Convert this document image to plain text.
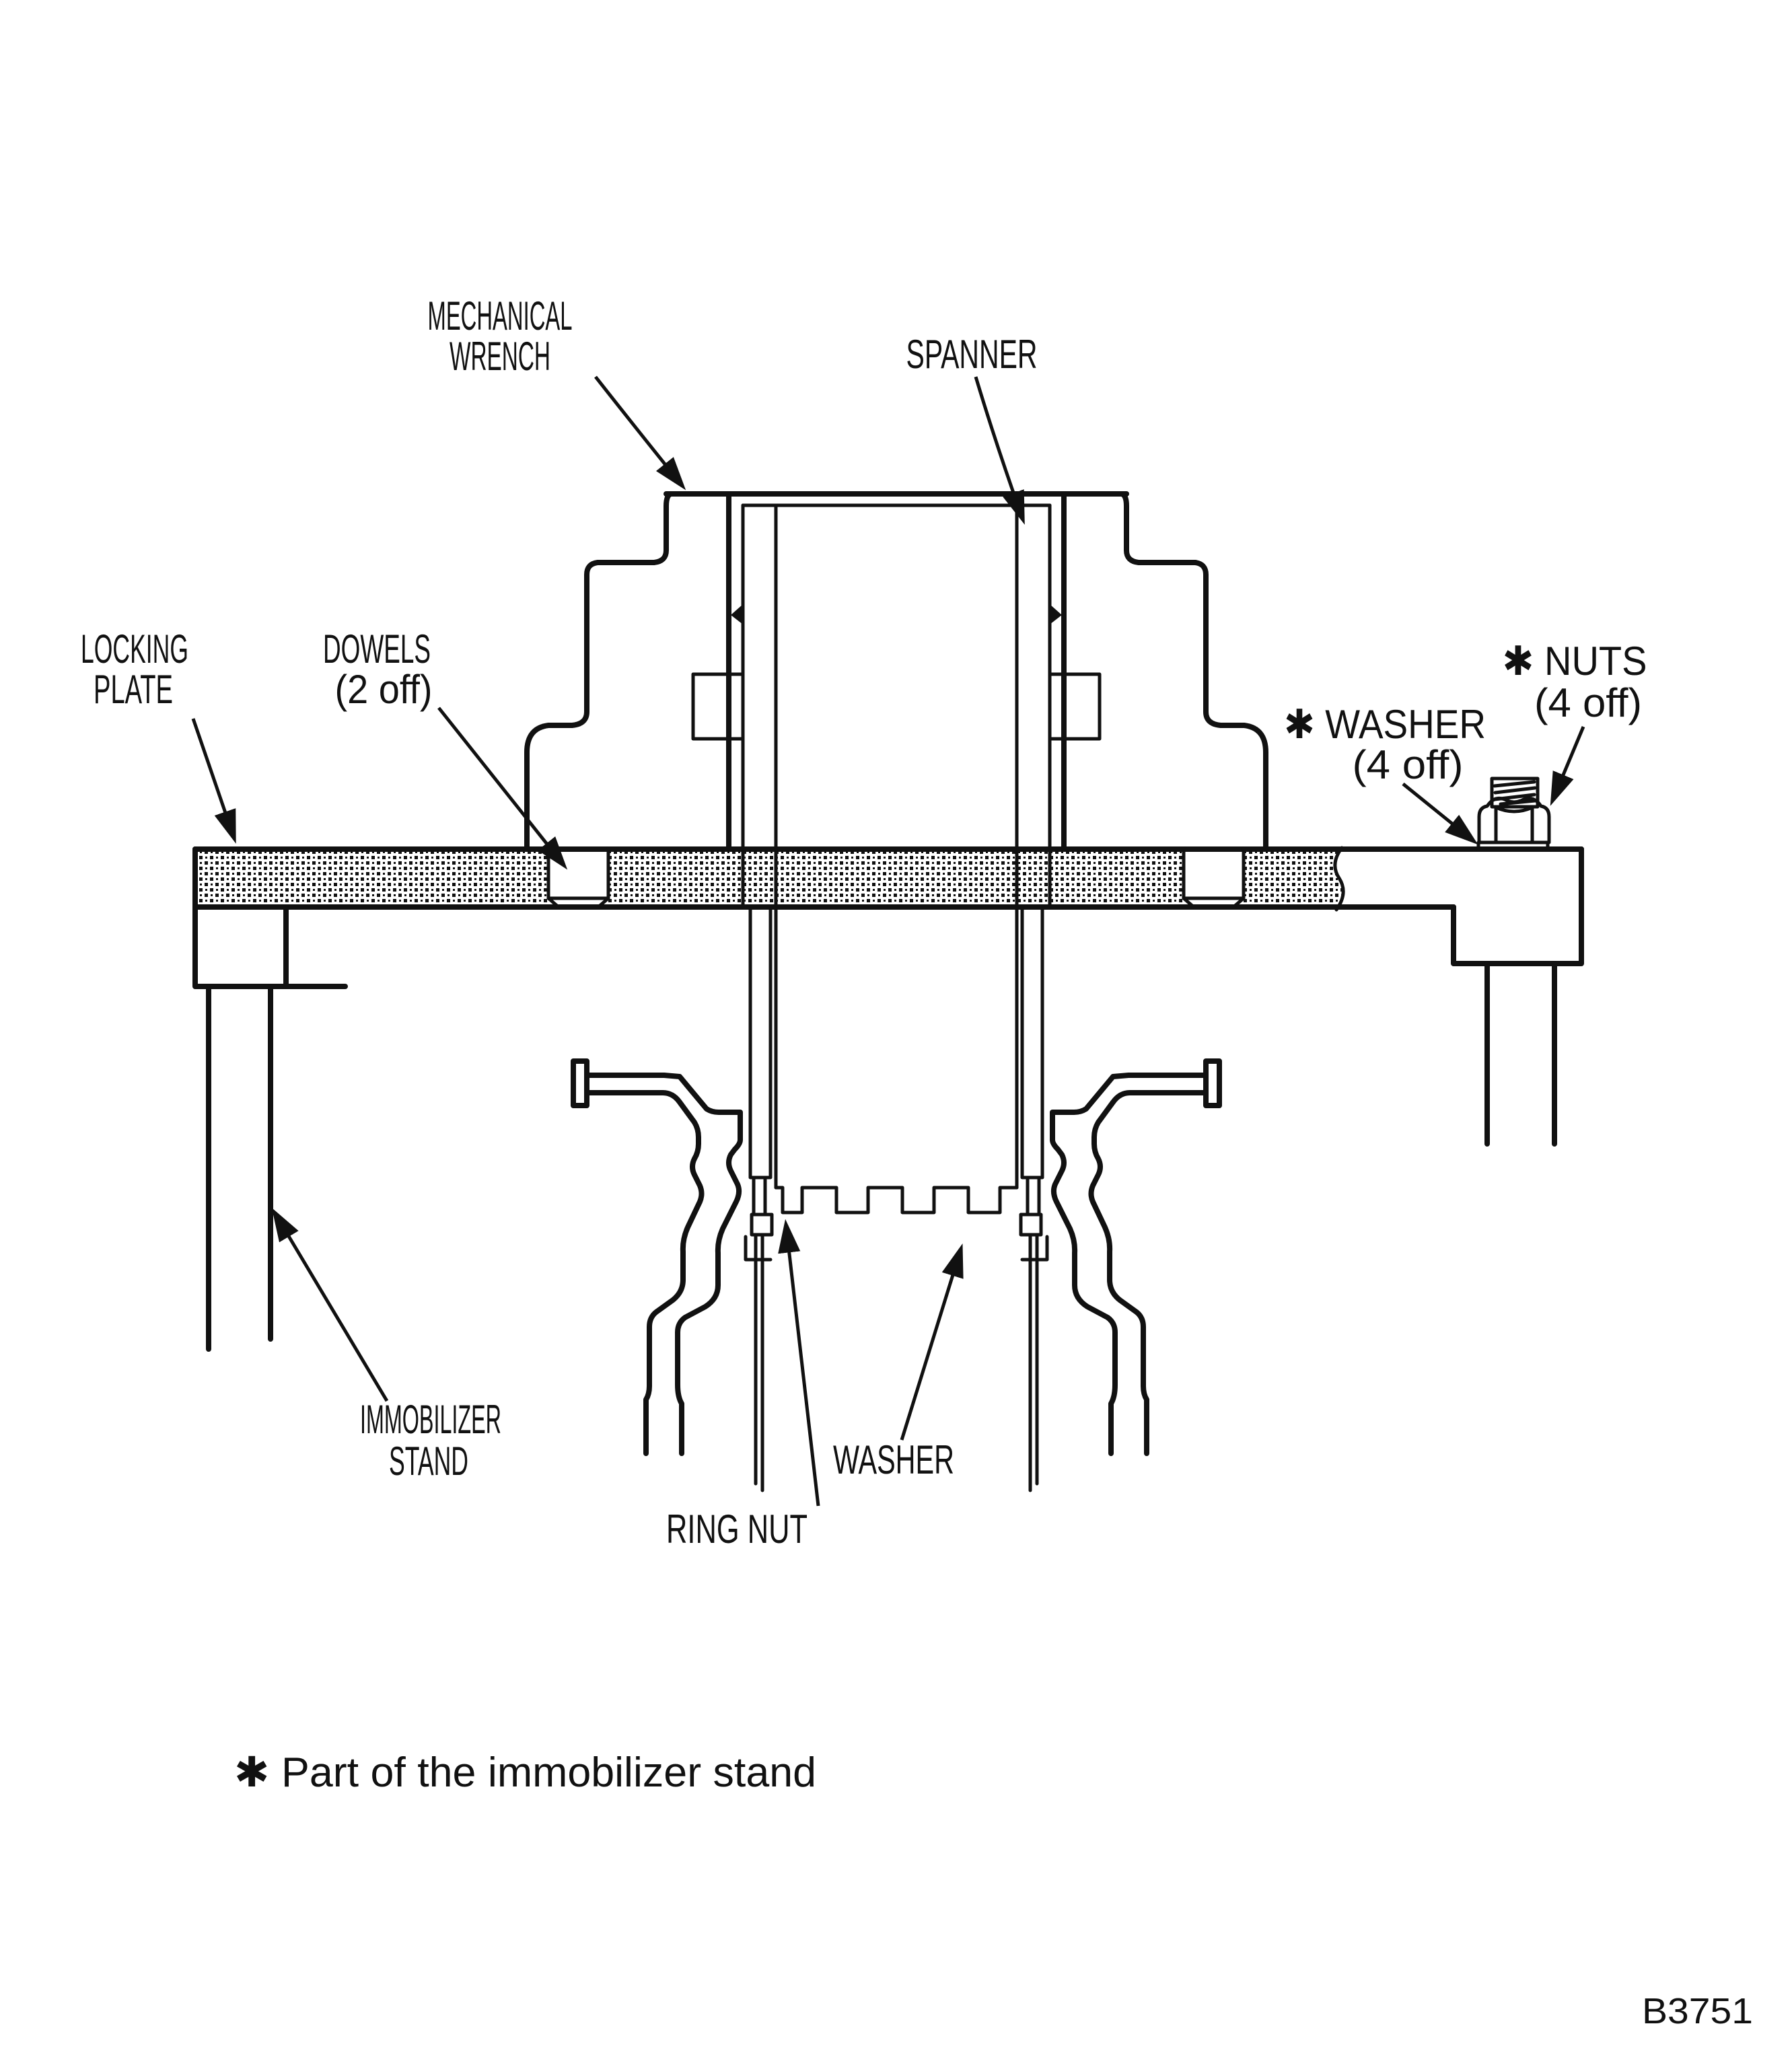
MECHANICAL
WRENCH	SPANNER
LOCKING
PLATE
DOWELS
(2 off)
✱ WASHER
(4 off)
✱ NUTS
(4 off)
IMMOBILIZER
STAND	WASHER
RING NUT
✱ Part of the immobilizer stand
B3751
